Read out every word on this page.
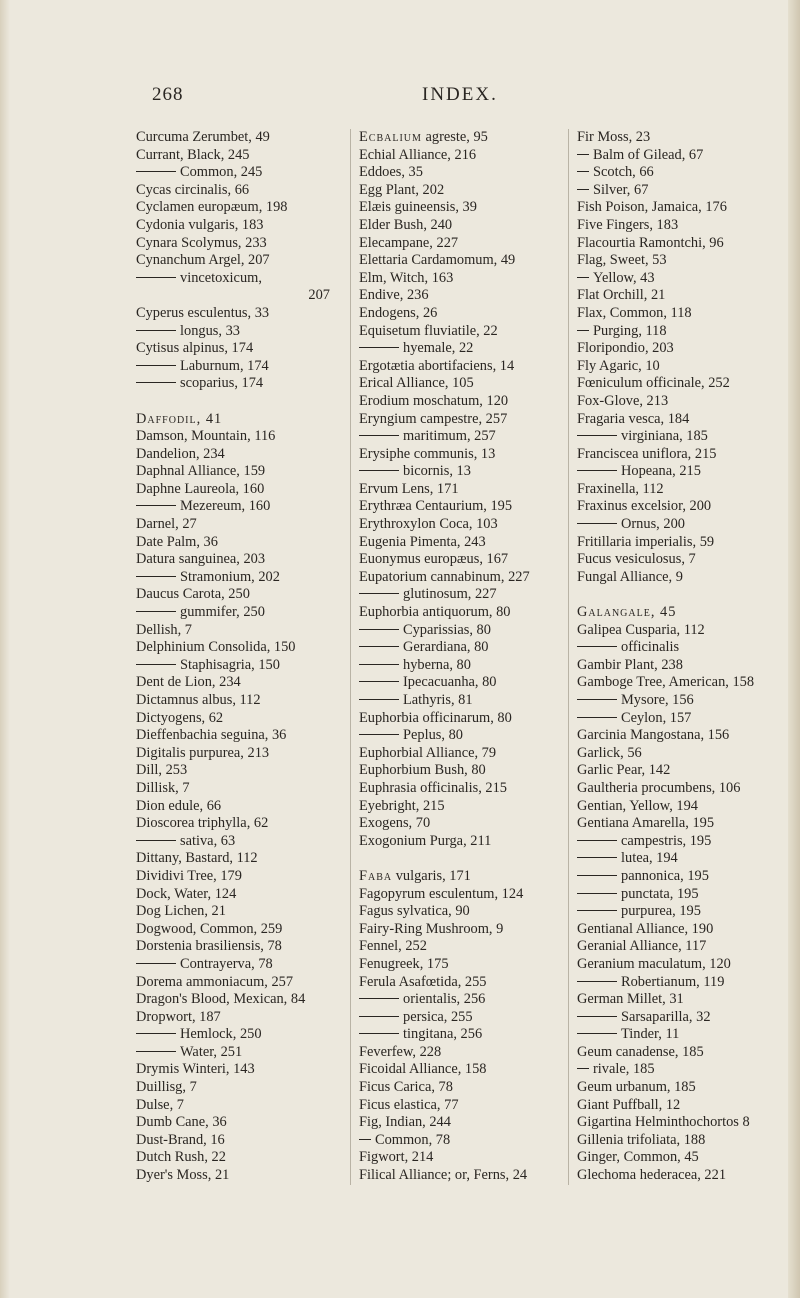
268	INDEX.
Curcuma Zerumbet, 49
Currant, Black, 245
Common, 245
Cycas circinalis, 66
Cyclamen europæum, 198
Cydonia vulgaris, 183
Cynara Scolymus, 233
Cynanchum Argel, 207
vincetoxicum,
207
Cyperus esculentus, 33
longus, 33
Cytisus alpinus, 174
Laburnum, 174
scoparius, 174
Daffodil, 41
Damson, Mountain, 116
Dandelion, 234
Daphnal Alliance, 159
Daphne Laureola, 160
Mezereum, 160
Darnel, 27
Date Palm, 36
Datura sanguinea, 203
Stramonium, 202
Daucus Carota, 250
gummifer, 250
Dellish, 7
Delphinium Consolida, 150
Staphisagria, 150
Dent de Lion, 234
Dictamnus albus, 112
Dictyogens, 62
Dieffenbachia seguina, 36
Digitalis purpurea, 213
Dill, 253
Dillisk, 7
Dion edule, 66
Dioscorea triphylla, 62
sativa, 63
Dittany, Bastard, 112
Dividivi Tree, 179
Dock, Water, 124
Dog Lichen, 21
Dogwood, Common, 259
Dorstenia brasiliensis, 78
Contrayerva, 78
Dorema ammoniacum, 257
Dragon's Blood, Mexican, 84
Dropwort, 187
Hemlock, 250
Water, 251
Drymis Winteri, 143
Duillisg, 7
Dulse, 7
Dumb Cane, 36
Dust-Brand, 16
Dutch Rush, 22
Dyer's Moss, 21
Ecbalium agreste, 95
Echial Alliance, 216
Eddoes, 35
Egg Plant, 202
Elæis guineensis, 39
Elder Bush, 240
Elecampane, 227
Elettaria Cardamomum, 49
Elm, Witch, 163
Endive, 236
Endogens, 26
Equisetum fluviatile, 22
hyemale, 22
Ergotætia abortifaciens, 14
Erical Alliance, 105
Erodium moschatum, 120
Eryngium campestre, 257
maritimum, 257
Erysiphe communis, 13
bicornis, 13
Ervum Lens, 171
Erythræa Centaurium, 195
Erythroxylon Coca, 103
Eugenia Pimenta, 243
Euonymus europæus, 167
Eupatorium cannabinum, 227
glutinosum, 227
Euphorbia antiquorum, 80
Cyparissias, 80
Gerardiana, 80
hyberna, 80
Ipecacuanha, 80
Lathyris, 81
Euphorbia officinarum, 80
Peplus, 80
Euphorbial Alliance, 79
Euphorbium Bush, 80
Euphrasia officinalis, 215
Eyebright, 215
Exogens, 70
Exogonium Purga, 211
Faba vulgaris, 171
Fagopyrum esculentum, 124
Fagus sylvatica, 90
Fairy-Ring Mushroom, 9
Fennel, 252
Fenugreek, 175
Ferula Asafœtida, 255
orientalis, 256
persica, 255
tingitana, 256
Feverfew, 228
Ficoidal Alliance, 158
Ficus Carica, 78
Ficus elastica, 77
Fig, Indian, 244
Common, 78
Figwort, 214
Filical Alliance; or, Ferns, 24
Fir Moss, 23
Balm of Gilead, 67
Scotch, 66
Silver, 67
Fish Poison, Jamaica, 176
Five Fingers, 183
Flacourtia Ramontchi, 96
Flag, Sweet, 53
Yellow, 43
Flat Orchill, 21
Flax, Common, 118
Purging, 118
Floripondio, 203
Fly Agaric, 10
Fœniculum officinale, 252
Fox-Glove, 213
Fragaria vesca, 184
virginiana, 185
Franciscea uniflora, 215
Hopeana, 215
Fraxinella, 112
Fraxinus excelsior, 200
Ornus, 200
Fritillaria imperialis, 59
Fucus vesiculosus, 7
Fungal Alliance, 9
Galangale, 45
Galipea Cusparia, 112
officinalis
Gambir Plant, 238
Gamboge Tree, American, 158
Mysore, 156
Ceylon, 157
Garcinia Mangostana, 156
Garlick, 56
Garlic Pear, 142
Gaultheria procumbens, 106
Gentian, Yellow, 194
Gentiana Amarella, 195
campestris, 195
lutea, 194
pannonica, 195
punctata, 195
purpurea, 195
Gentianal Alliance, 190
Geranial Alliance, 117
Geranium maculatum, 120
Robertianum, 119
German Millet, 31
Sarsaparilla, 32
Tinder, 11
Geum canadense, 185
rivale, 185
Geum urbanum, 185
Giant Puffball, 12
Gigartina Helminthochortos 8
Gillenia trifoliata, 188
Ginger, Common, 45
Glechoma hederacea, 221
